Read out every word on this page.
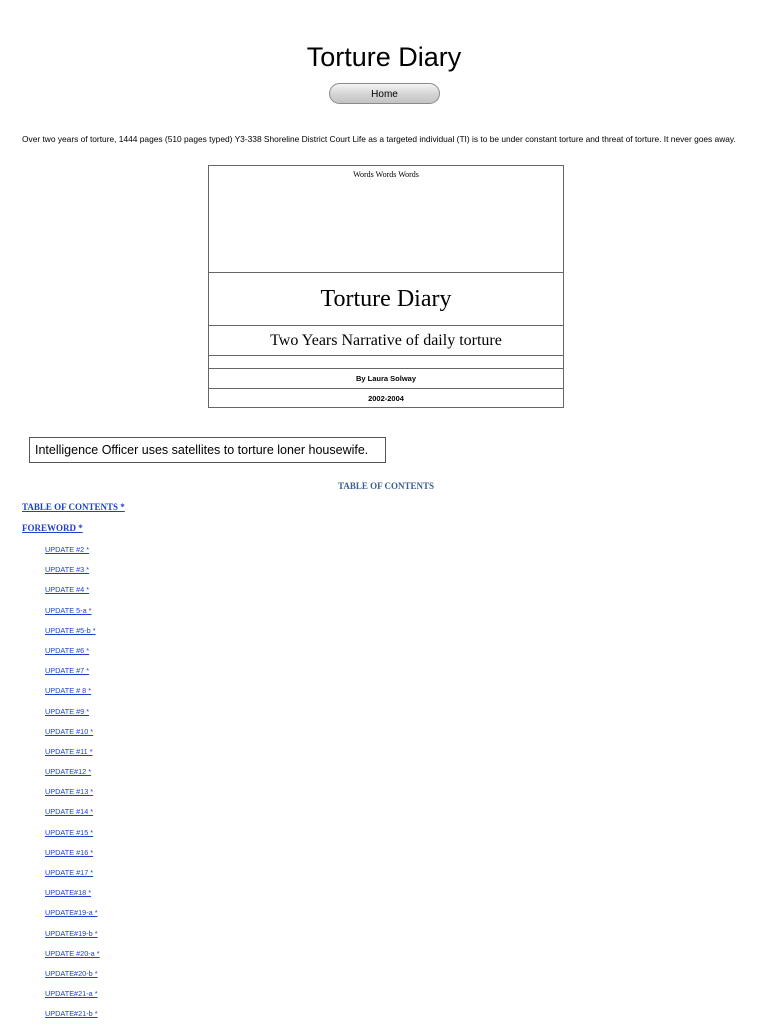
Torture Diary
Home
Over two years of torture, 1444 pages (510 pages typed) Y3-338 Shoreline District Court Life as a targeted individual (TI) is to be under constant torture and threat of torture. It never goes away.
Words Words Words
Torture Diary
Two Years Narrative of daily torture
By Laura Solway
2002-2004
Intelligence Officer uses satellites to torture loner housewife.
TABLE OF CONTENTS
TABLE OF CONTENTS *
FOREWORD *
UPDATE #2 *
UPDATE #3 *
UPDATE #4 *
UPDATE 5-a *
UPDATE #5-b *
UPDATE #6 *
UPDATE #7 *
UPDATE # 8 *
UPDATE #9 *
UPDATE #10 *
UPDATE #11 *
UPDATE#12 *
UPDATE #13 *
UPDATE #14 *
UPDATE #15 *
UPDATE #16 *
UPDATE #17 *
UPDATE#18 *
UPDATE#19-a *
UPDATE#19-b *
UPDATE #20-a *
UPDATE#20-b *
UPDATE#21-a *
UPDATE#21-b *
